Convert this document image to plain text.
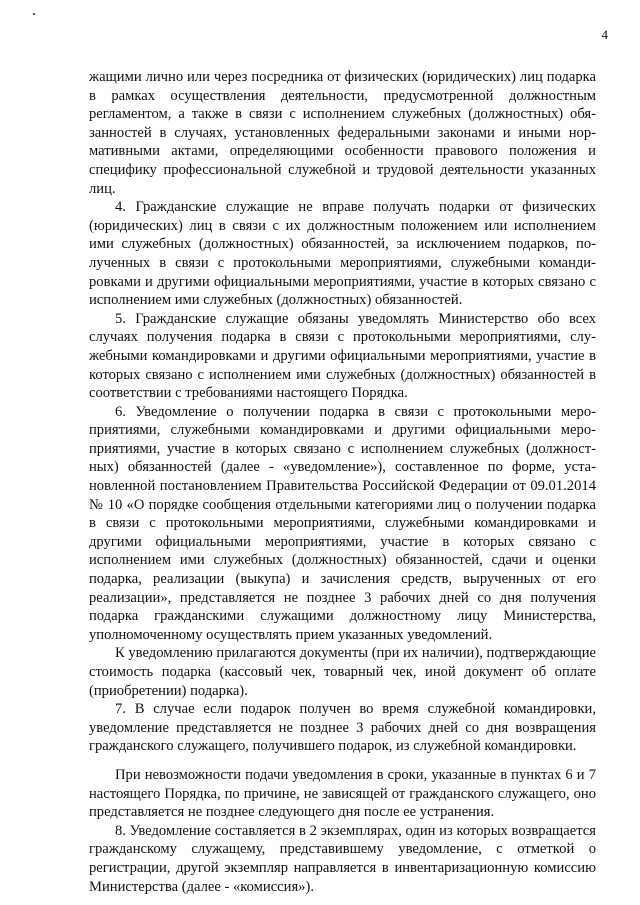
4

жащими лично или через посредника от физических (юридических) лиц подарка в рамках осуществления деятельности, предусмотренной должностным регламентом, а также в связи с исполнением служебных (должностных) обязанностей в случаях, установленных федеральными законами и иными нормативными актами, определяющими особенности правового положения и специфику профессиональной служебной и трудовой деятельности указанных лиц.

4. Гражданские служащие не вправе получать подарки от физических (юридических) лиц в связи с их должностным положением или исполнением ими служебных (должностных) обязанностей, за исключением подарков, полученных в связи с протокольными мероприятиями, служебными командировками и другими официальными мероприятиями, участие в которых связано с исполнением ими служебных (должностных) обязанностей.

5. Гражданские служащие обязаны уведомлять Министерство обо всех случаях получения подарка в связи с протокольными мероприятиями, служебными командировками и другими официальными мероприятиями, участие в которых связано с исполнением ими служебных (должностных) обязанностей в соответствии с требованиями настоящего Порядка.

6. Уведомление о получении подарка в связи с протокольными мероприятиями, служебными командировками и другими официальными мероприятиями, участие в которых связано с исполнением служебных (должностных) обязанностей (далее - «уведомление»), составленное по форме, установленной постановлением Правительства Российской Федерации от 09.01.2014 № 10 «О порядке сообщения отдельными категориями лиц о получении подарка в связи с протокольными мероприятиями, служебными командировками и другими официальными мероприятиями, участие в которых связано с исполнением ими служебных (должностных) обязанностей, сдачи и оценки подарка, реализации (выкупа) и зачисления средств, вырученных от его реализации», представляется не позднее 3 рабочих дней со дня получения подарка гражданскими служащими должностному лицу Министерства, уполномоченному осуществлять прием указанных уведомлений.

К уведомлению прилагаются документы (при их наличии), подтверждающие стоимость подарка (кассовый чек, товарный чек, иной документ об оплате (приобретении) подарка).

7. В случае если подарок получен во время служебной командировки, уведомление представляется не позднее 3 рабочих дней со дня возвращения гражданского служащего, получившего подарок, из служебной командировки.

При невозможности подачи уведомления в сроки, указанные в пунктах 6 и 7 настоящего Порядка, по причине, не зависящей от гражданского служащего, оно представляется не позднее следующего дня после ее устранения.

8. Уведомление составляется в 2 экземплярах, один из которых возвращается гражданскому служащему, представившему уведомление, с отметкой о регистрации, другой экземпляр направляется в инвентаризационную комиссию Министерства (далее - «комиссия»).
